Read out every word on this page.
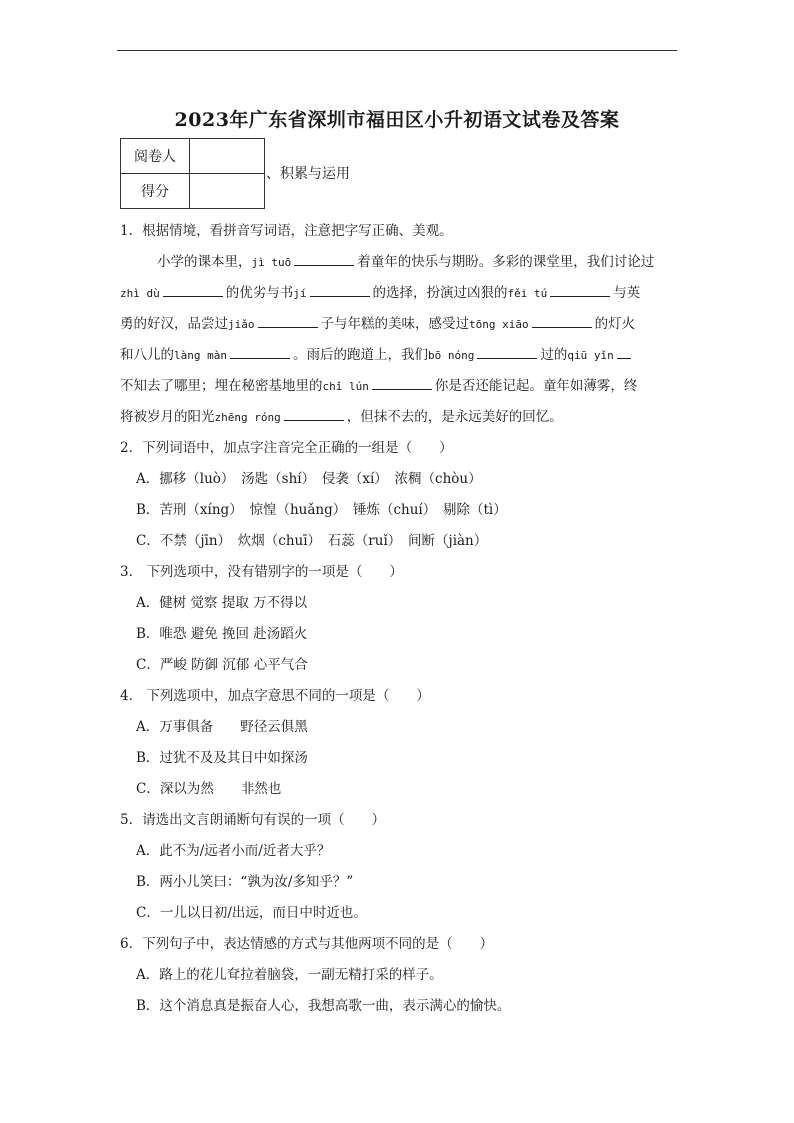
2023年广东省深圳市福田区小升初语文试卷及答案
阅卷人	
得分	
、积累与运用

1．根据情境，看拼音写词语，注意把字写正确、美观。

小学的课本里，jì tuō	着童年的快乐与期盼。多彩的课堂里，我们讨论过

zhì dù	的优劣与书jí	的选择，扮演过凶狠的fěi tú	与英

勇的好汉，品尝过jiǎo	子与年糕的美味，感受过tōng xiāo	的灯火

和八儿的làng màn	。雨后的跑道上，我们bō nóng	过的qiū yǐn

不知去了哪里；埋在秘密基地里的chǐ lún	你是否还能记起。童年如薄雾，终

将被岁月的阳光zhēng róng	，但抹不去的，是永远美好的回忆。

2．下列词语中，加点字注音完全正确的一组是（　　）

A．挪移（luò）　汤匙（shí）　侵袭（xí）　浓稠（chòu）

B．苦刑（xíng）　惊惶（huǎng）　锤炼（chuí）　剔除（tì）

C．不禁（jīn）　炊烟（chuī）　石蕊（ruǐ）　间断（jiàn）

3． 下列选项中，没有错别字的一项是（　　）

A．健树 觉察 提取 万不得以

B．唯恐 避免 挽回 赴汤蹈火

C．严峻 防御 沉郁 心平气合

4． 下列选项中，加点字意思不同的一项是（　　）

A．万事俱备　　野径云俱黑

B．过犹不及及其日中如探汤

C．深以为然　　非然也

5．请选出文言朗诵断句有误的一项（　　）

A．此不为/远者小而/近者大乎？

B．两小儿笑曰：“孰为汝/多知乎？”

C．一儿以日初/出远，而日中时近也。

6．下列句子中，表达情感的方式与其他两项不同的是（　　）

A．路上的花儿耷拉着脑袋，一副无精打采的样子。

B．这个消息真是振奋人心，我想高歌一曲，表示满心的愉快。
